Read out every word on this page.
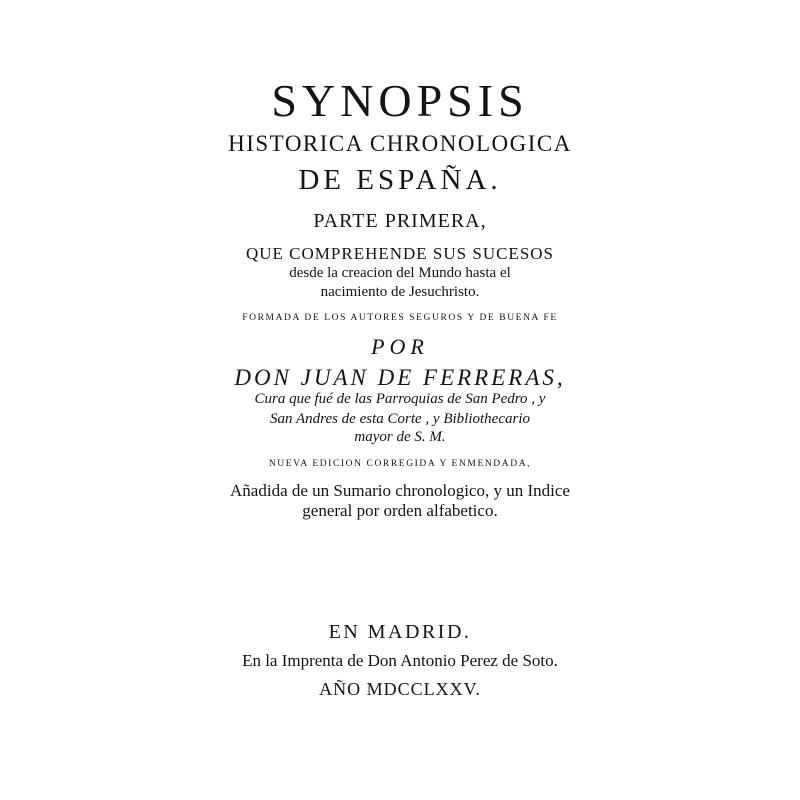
SYNOPSIS
HISTORICA CHRONOLOGICA
DE ESPAÑA.
PARTE PRIMERA,
QUE COMPREHENDE SUS SUCESOS
desde la creacion del Mundo hasta el
nacimiento de Jesuchristo.
FORMADA DE LOS AUTORES SEGUROS Y DE BUENA FE
POR
DON JUAN DE FERRERAS,
Cura que fué de las Parroquias de San Pedro , y
San Andres de esta Corte , y Bibliothecario
mayor de S. M.
NUEVA EDICION CORREGIDA Y ENMENDADA,
Añadida de un Sumario chronologico, y un Indice
general por orden alfabetico.
EN MADRID.
En la Imprenta de Don Antonio Perez de Soto.
AÑO MDCCLXXV.
